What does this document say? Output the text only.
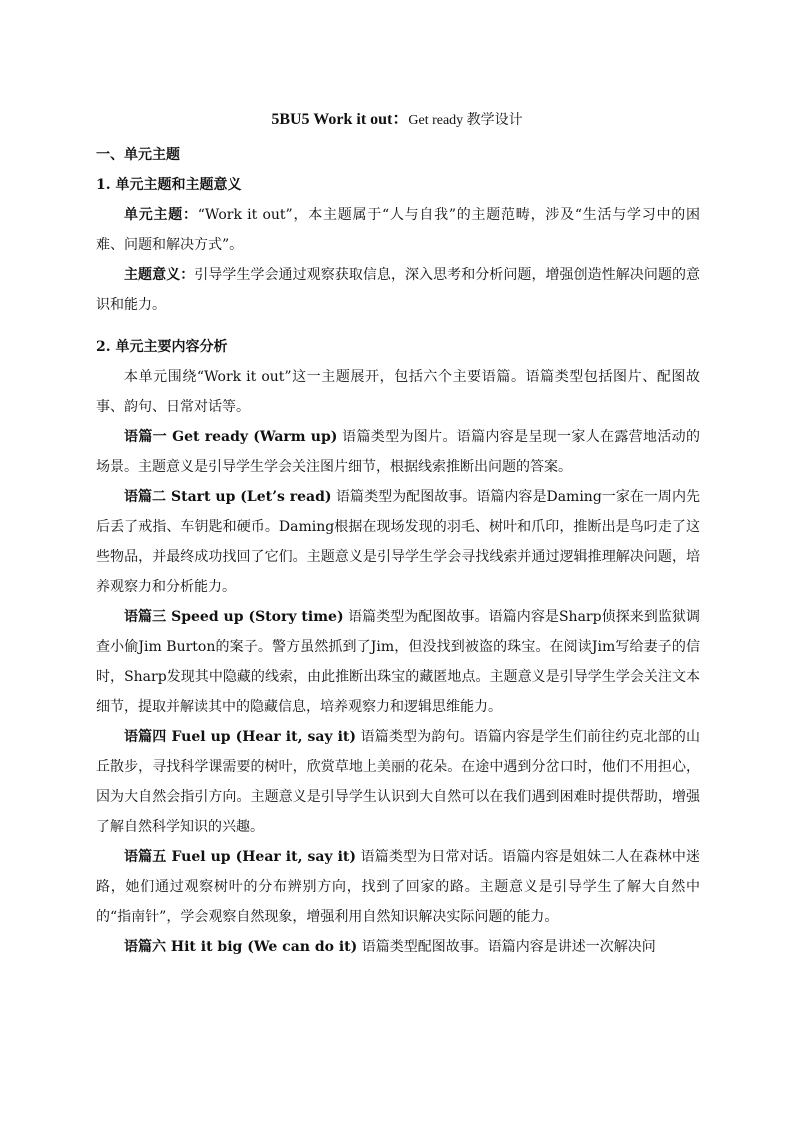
5BU5 Work it out：Get ready 教学设计

一、单元主题

1. 单元主题和主题意义

单元主题：“Work it out”，本主题属于“人与自我”的主题范畴，涉及“生活与学习中的困难、问题和解决方式”。

主题意义：引导学生学会通过观察获取信息，深入思考和分析问题，增强创造性解决问题的意识和能力。

2. 单元主要内容分析

本单元围绕“Work it out”这一主题展开，包括六个主要语篇。语篇类型包括图片、配图故事、韵句、日常对话等。

语篇一 Get ready (Warm up) 语篇类型为图片。语篇内容是呈现一家人在露营地活动的场景。主题意义是引导学生学会关注图片细节，根据线索推断出问题的答案。

语篇二 Start up (Let’s read) 语篇类型为配图故事。语篇内容是Daming一家在一周内先后丢了戒指、车钥匙和硬币。Daming根据在现场发现的羽毛、树叶和爪印，推断出是鸟叼走了这些物品，并最终成功找回了它们。主题意义是引导学生学会寻找线索并通过逻辑推理解决问题，培养观察力和分析能力。

语篇三 Speed up (Story time) 语篇类型为配图故事。语篇内容是Sharp侦探来到监狱调查小偷Jim Burton的案子。警方虽然抓到了Jim，但没找到被盗的珠宝。在阅读Jim写给妻子的信时，Sharp发现其中隐藏的线索，由此推断出珠宝的藏匿地点。主题意义是引导学生学会关注文本细节，提取并解读其中的隐藏信息，培养观察力和逻辑思维能力。

语篇四 Fuel up (Hear it, say it) 语篇类型为韵句。语篇内容是学生们前往约克北部的山丘散步，寻找科学课需要的树叶，欣赏草地上美丽的花朵。在途中遇到分岔口时，他们不用担心，因为大自然会指引方向。主题意义是引导学生认识到大自然可以在我们遇到困难时提供帮助，增强了解自然科学知识的兴趣。

语篇五 Fuel up (Hear it, say it) 语篇类型为日常对话。语篇内容是姐妹二人在森林中迷路，她们通过观察树叶的分布辨别方向，找到了回家的路。主题意义是引导学生了解大自然中的“指南针”，学会观察自然现象，增强利用自然知识解决实际问题的能力。

语篇六 Hit it big (We can do it) 语篇类型配图故事。语篇内容是讲述一次解决问
